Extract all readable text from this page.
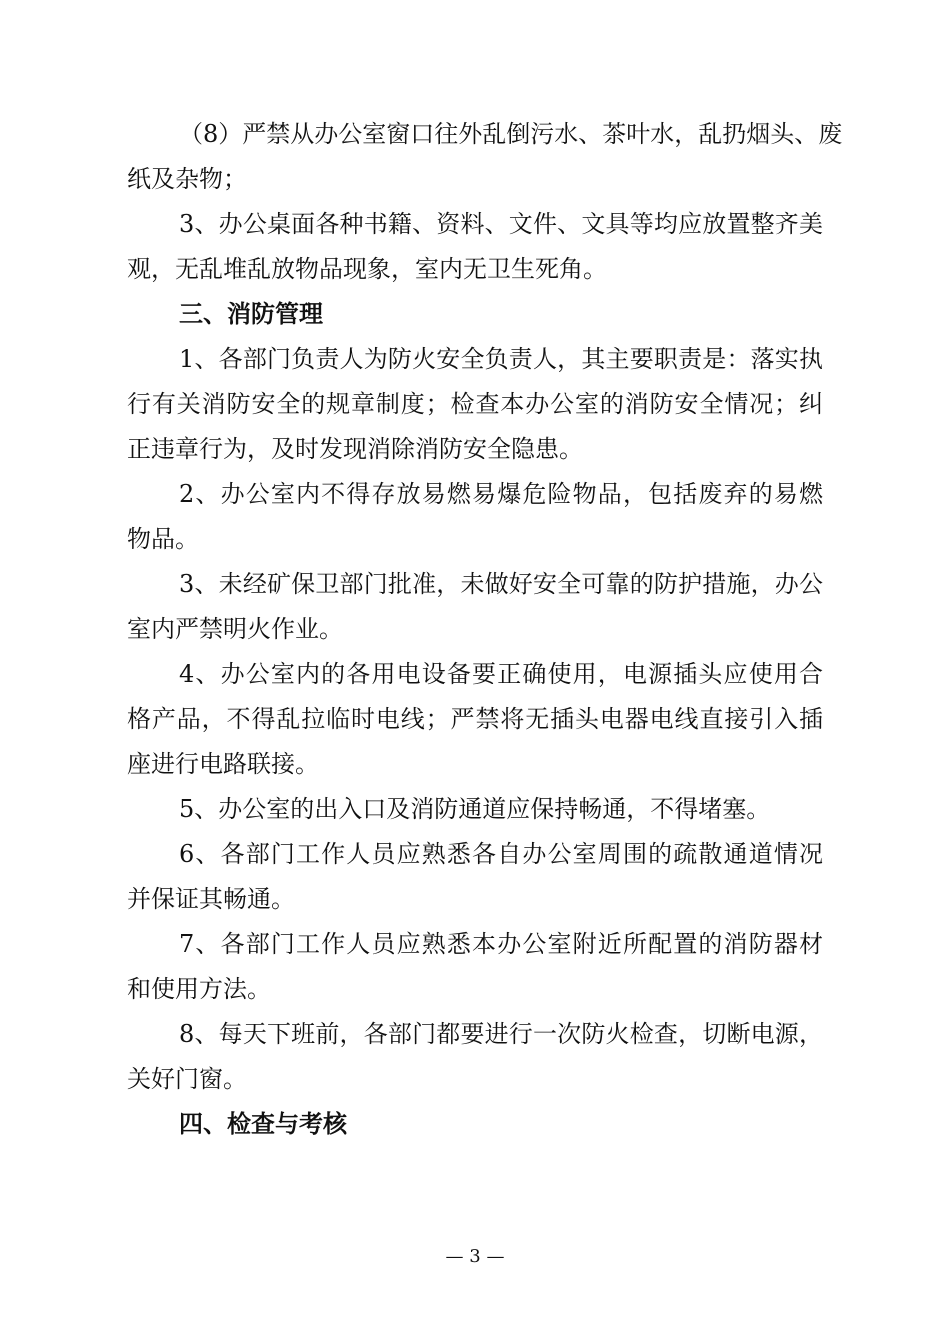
（8）严禁从办公室窗口往外乱倒污水、茶叶水，乱扔烟头、废
纸及杂物；
3、办公桌面各种书籍、资料、文件、文具等均应放置整齐美
观，无乱堆乱放物品现象，室内无卫生死角。
三、消防管理
1、各部门负责人为防火安全负责人，其主要职责是：落实执
行有关消防安全的规章制度；检查本办公室的消防安全情况；纠
正违章行为，及时发现消除消防安全隐患。
2、办公室内不得存放易燃易爆危险物品，包括废弃的易燃
物品。
3、未经矿保卫部门批准，未做好安全可靠的防护措施，办公
室内严禁明火作业。
4、办公室内的各用电设备要正确使用，电源插头应使用合
格产品，不得乱拉临时电线；严禁将无插头电器电线直接引入插
座进行电路联接。
5、办公室的出入口及消防通道应保持畅通，不得堵塞。
6、各部门工作人员应熟悉各自办公室周围的疏散通道情况
并保证其畅通。
7、各部门工作人员应熟悉本办公室附近所配置的消防器材
和使用方法。
8、每天下班前，各部门都要进行一次防火检查，切断电源，
关好门窗。
四、检查与考核
— 3 —
